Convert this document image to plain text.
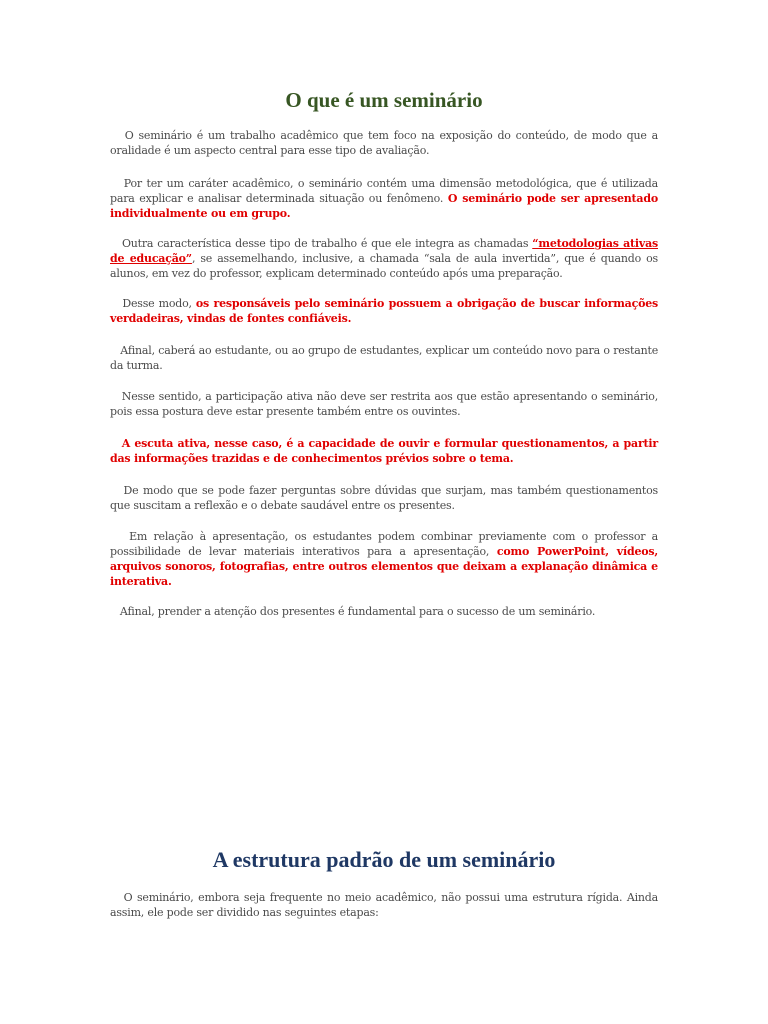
O que é um seminário
O seminário é um trabalho acadêmico que tem foco na exposição do conteúdo, de modo que a oralidade é um aspecto central para esse tipo de avaliação.
Por ter um caráter acadêmico, o seminário contém uma dimensão metodológica, que é utilizada para explicar e analisar determinada situação ou fenômeno. O seminário pode ser apresentado individualmente ou em grupo.
Outra característica desse tipo de trabalho é que ele integra as chamadas “metodologias ativas de educação”, se assemelhando, inclusive, a chamada “sala de aula invertida”, que é quando os alunos, em vez do professor, explicam determinado conteúdo após uma preparação.
Desse modo, os responsáveis pelo seminário possuem a obrigação de buscar informações verdadeiras, vindas de fontes confiáveis.
Afinal, caberá ao estudante, ou ao grupo de estudantes, explicar um conteúdo novo para o restante da turma.
Nesse sentido, a participação ativa não deve ser restrita aos que estão apresentando o seminário, pois essa postura deve estar presente também entre os ouvintes.
A escuta ativa, nesse caso, é a capacidade de ouvir e formular questionamentos, a partir das informações trazidas e de conhecimentos prévios sobre o tema.
De modo que se pode fazer perguntas sobre dúvidas que surjam, mas também questionamentos que suscitam a reflexão e o debate saudável entre os presentes.
Em relação à apresentação, os estudantes podem combinar previamente com o professor a possibilidade de levar materiais interativos para a apresentação, como PowerPoint, vídeos, arquivos sonoros, fotografias, entre outros elementos que deixam a explanação dinâmica e interativa.
Afinal, prender a atenção dos presentes é fundamental para o sucesso de um seminário.
A estrutura padrão de um seminário
O seminário, embora seja frequente no meio acadêmico, não possui uma estrutura rígida. Ainda assim, ele pode ser dividido nas seguintes etapas:
